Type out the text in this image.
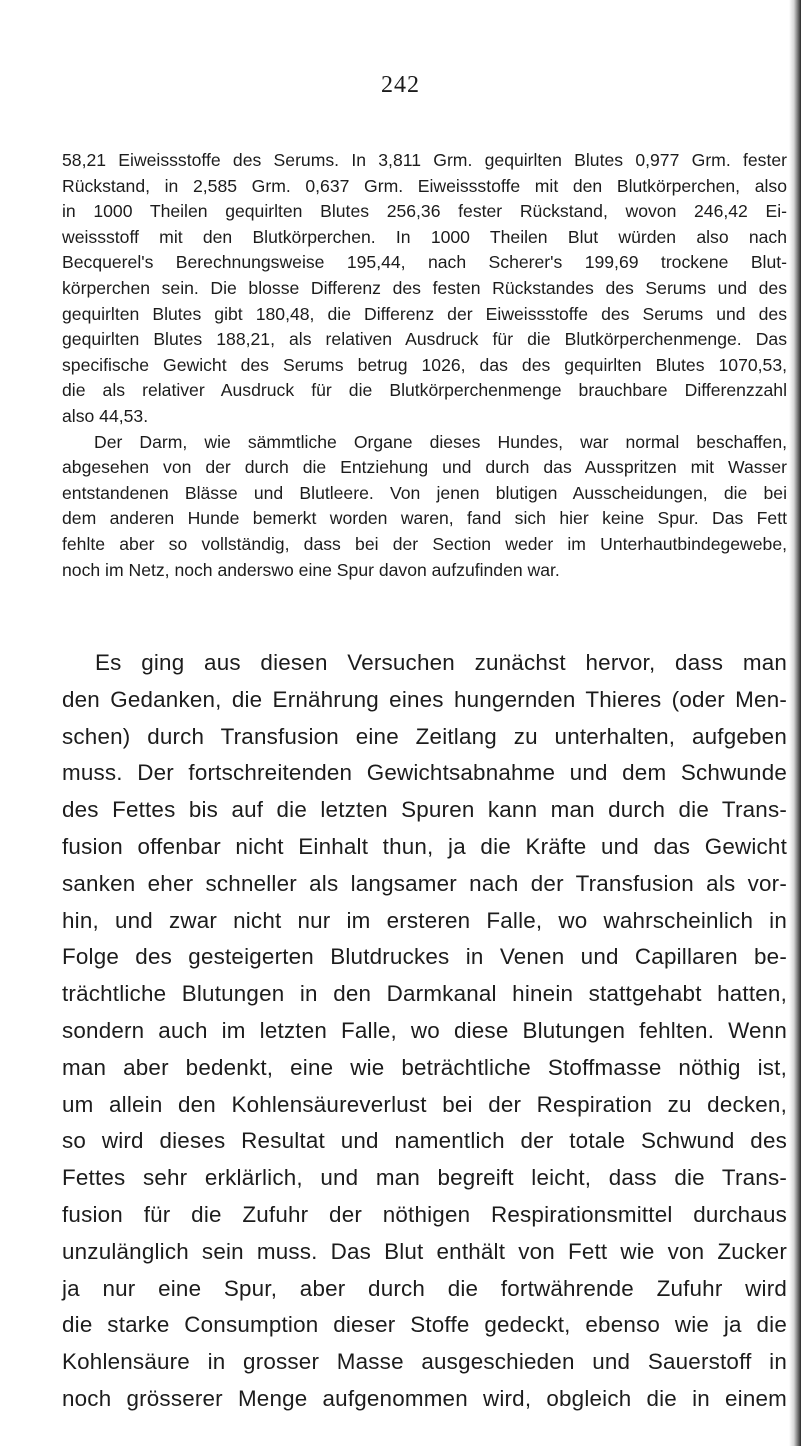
242
58,21 Eiweissstoffe des Serums. In 3,811 Grm. gequirlten Blutes 0,977 Grm. fester
Rückstand, in 2,585 Grm. 0,637 Grm. Eiweissstoffe mit den Blutkörperchen, also
in 1000 Theilen gequirlten Blutes 256,36 fester Rückstand, wovon 246,42 Ei-
weissstoff mit den Blutkörperchen. In 1000 Theilen Blut würden also nach
Becquerel's Berechnungsweise 195,44, nach Scherer's 199,69 trockene Blut-
körperchen sein. Die blosse Differenz des festen Rückstandes des Serums und des
gequirlten Blutes gibt 180,48, die Differenz der Eiweissstoffe des Serums und des
gequirlten Blutes 188,21, als relativen Ausdruck für die Blutkörperchenmenge. Das
specifische Gewicht des Serums betrug 1026, das des gequirlten Blutes 1070,53,
die als relativer Ausdruck für die Blutkörperchenmenge brauchbare Differenzzahl
also 44,53.
Der Darm, wie sämmtliche Organe dieses Hundes, war normal beschaffen,
abgesehen von der durch die Entziehung und durch das Ausspritzen mit Wasser
entstandenen Blässe und Blutleere. Von jenen blutigen Ausscheidungen, die bei
dem anderen Hunde bemerkt worden waren, fand sich hier keine Spur. Das Fett
fehlte aber so vollständig, dass bei der Section weder im Unterhautbindegewebe,
noch im Netz, noch anderswo eine Spur davon aufzufinden war.
Es ging aus diesen Versuchen zunächst hervor, dass man
den Gedanken, die Ernährung eines hungernden Thieres (oder Men-
schen) durch Transfusion eine Zeitlang zu unterhalten, aufgeben
muss. Der fortschreitenden Gewichtsabnahme und dem Schwunde
des Fettes bis auf die letzten Spuren kann man durch die Trans-
fusion offenbar nicht Einhalt thun, ja die Kräfte und das Gewicht
sanken eher schneller als langsamer nach der Transfusion als vor-
hin, und zwar nicht nur im ersteren Falle, wo wahrscheinlich in
Folge des gesteigerten Blutdruckes in Venen und Capillaren be-
trächtliche Blutungen in den Darmkanal hinein stattgehabt hatten,
sondern auch im letzten Falle, wo diese Blutungen fehlten. Wenn
man aber bedenkt, eine wie beträchtliche Stoffmasse nöthig ist,
um allein den Kohlensäureverlust bei der Respiration zu decken,
so wird dieses Resultat und namentlich der totale Schwund des
Fettes sehr erklärlich, und man begreift leicht, dass die Trans-
fusion für die Zufuhr der nöthigen Respirationsmittel durchaus
unzulänglich sein muss. Das Blut enthält von Fett wie von Zucker
ja nur eine Spur, aber durch die fortwährende Zufuhr wird
die starke Consumption dieser Stoffe gedeckt, ebenso wie ja die
Kohlensäure in grosser Masse ausgeschieden und Sauerstoff in
noch grösserer Menge aufgenommen wird, obgleich die in einem
